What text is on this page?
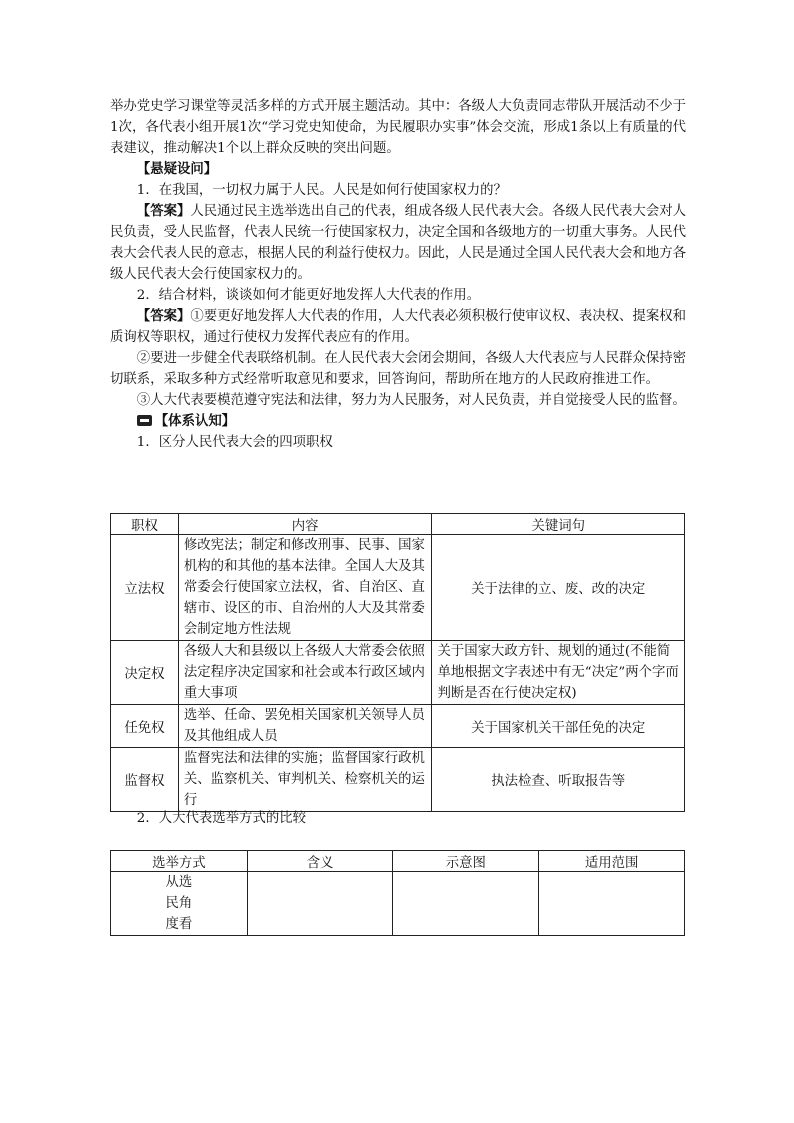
举办党史学习课堂等灵活多样的方式开展主题活动。其中：各级人大负责同志带队开展活动不少于1次，各代表小组开展1次“学习党史知使命，为民履职办实事”体会交流，形成1条以上有质量的代表建议，推动解决1个以上群众反映的突出问题。

【悬疑设问】

1．在我国，一切权力属于人民。人民是如何行使国家权力的？

【答案】人民通过民主选举选出自己的代表，组成各级人民代表大会。各级人民代表大会对人民负责，受人民监督，代表人民统一行使国家权力，决定全国和各级地方的一切重大事务。人民代表大会代表人民的意志，根据人民的利益行使权力。因此，人民是通过全国人民代表大会和地方各级人民代表大会行使国家权力的。

2．结合材料，谈谈如何才能更好地发挥人大代表的作用。

【答案】①要更好地发挥人大代表的作用，人大代表必须积极行使审议权、表决权、提案权和质询权等职权，通过行使权力发挥代表应有的作用。

②要进一步健全代表联络机制。在人民代表大会闭会期间，各级人大代表应与人民群众保持密切联系，采取多种方式经常听取意见和要求，回答询问，帮助所在地方的人民政府推进工作。

③人大代表要模范遵守宪法和法律，努力为人民服务，对人民负责，并自觉接受人民的监督。

【体系认知】

1．区分人民代表大会的四项职权

职权	内容	关键词句
立法权	修改宪法；制定和修改刑事、民事、国家机构的和其他的基本法律。全国人大及其常委会行使国家立法权，省、自治区、直辖市、设区的市、自治州的人大及其常委会制定地方性法规	关于法律的立、废、改的决定
决定权	各级人大和县级以上各级人大常委会依照法定程序决定国家和社会或本行政区域内重大事项	关于国家大政方针、规划的通过(不能简单地根据文字表述中有无“决定”两个字而判断是否在行使决定权)
任免权	选举、任命、罢免相关国家机关领导人员及其他组成人员	关于国家机关干部任免的决定
监督权	监督宪法和法律的实施；监督国家行政机关、监察机关、审判机关、检察机关的运行	执法检查、听取报告等

2．人大代表选举方式的比较

选举方式	含义	示意图	适用范围
从选
民角
度看			
